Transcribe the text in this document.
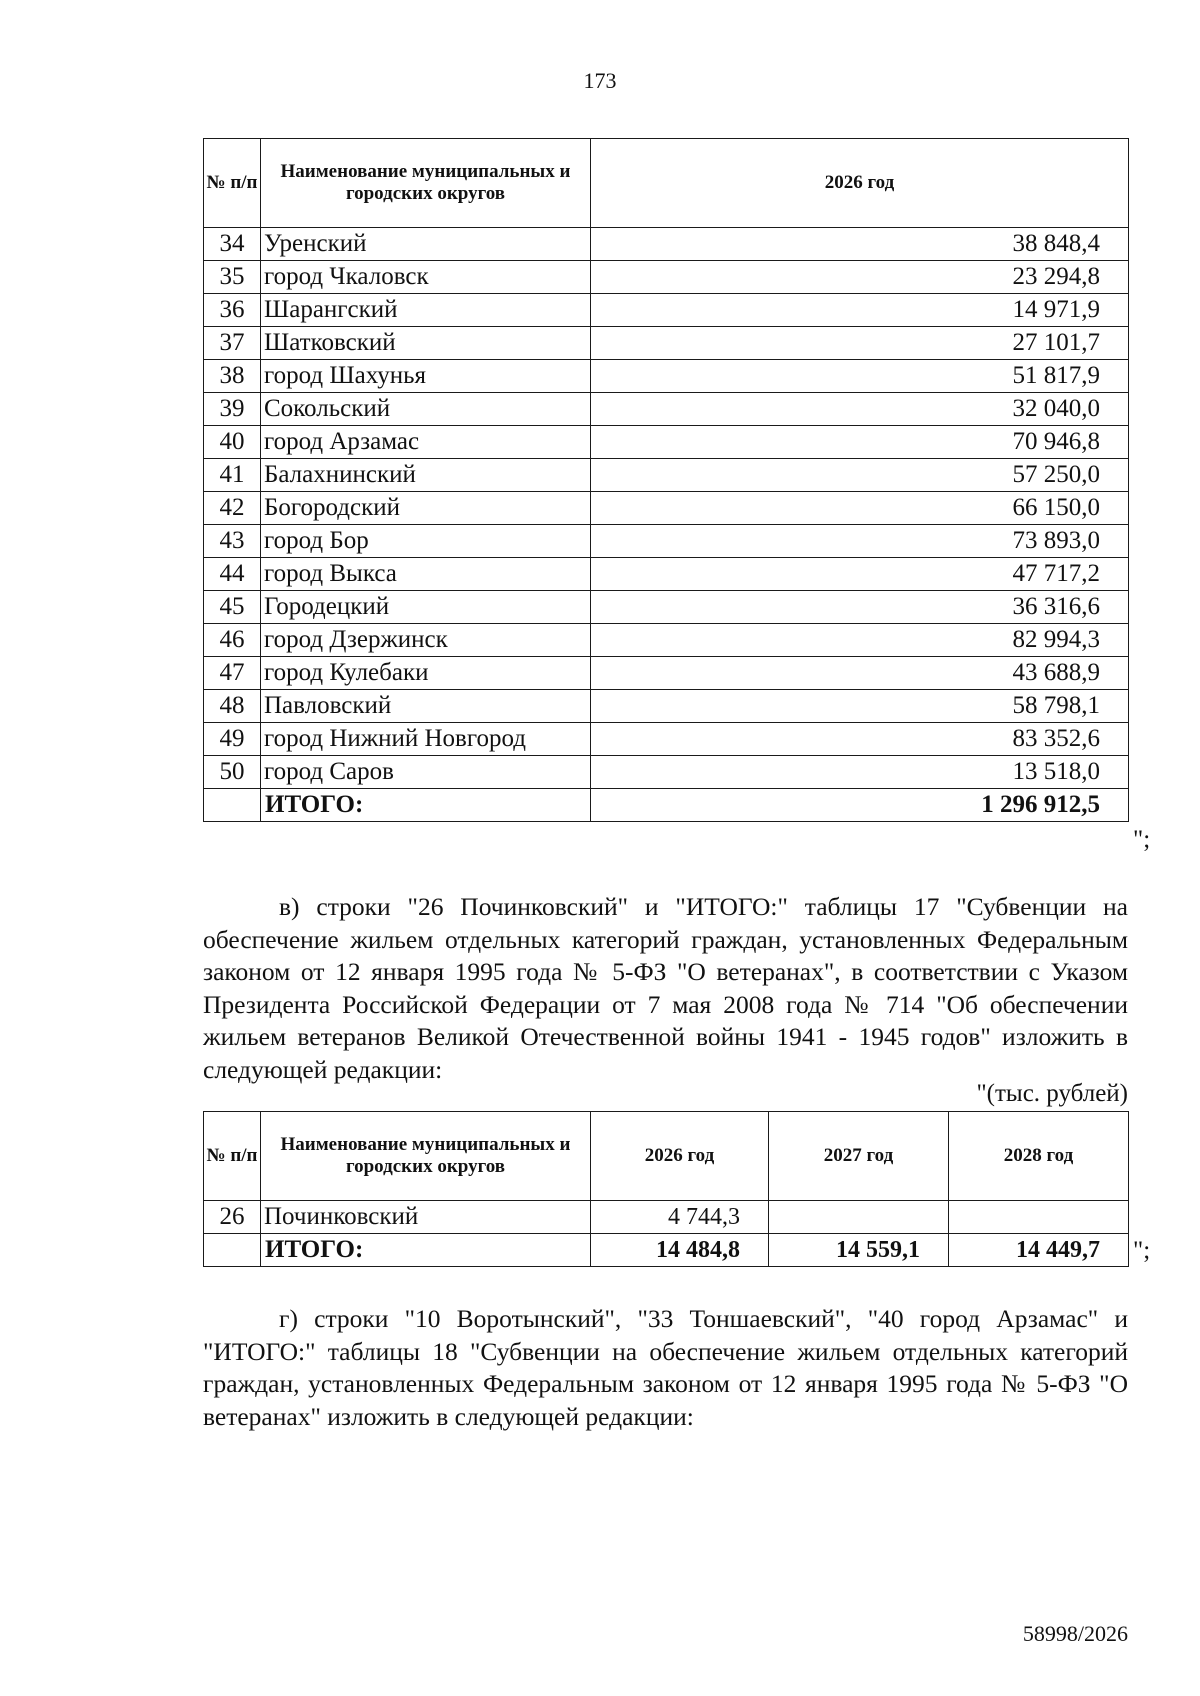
173
№ п/п	Наименование муниципальных и городских округов	2026 год
34	Уренский	38 848,4
35	город Чкаловск	23 294,8
36	Шарангский	14 971,9
37	Шатковский	27 101,7
38	город Шахунья	51 817,9
39	Сокольский	32 040,0
40	город Арзамас	70 946,8
41	Балахнинский	57 250,0
42	Богородский	66 150,0
43	город Бор	73 893,0
44	город Выкса	47 717,2
45	Городецкий	36 316,6
46	город Дзержинск	82 994,3
47	город Кулебаки	43 688,9
48	Павловский	58 798,1
49	город Нижний Новгород	83 352,6
50	город Саров	13 518,0
	ИТОГО:	1 296 912,5
";
в) строки "26 Починковский" и "ИТОГО:" таблицы 17 "Субвенции на обеспечение жильем отдельных категорий граждан, установленных Федеральным законом от 12 января 1995 года № 5-ФЗ "О ветеранах", в соответствии с Указом Президента Российской Федерации от 7 мая 2008 года № 714 "Об обеспечении жильем ветеранов Великой Отечественной войны 1941 - 1945 годов" изложить в следующей редакции:
"(тыс. рублей)
№ п/п	Наименование муниципальных и городских округов	2026 год	2027 год	2028 год
26	Починковский	4 744,3		
	ИТОГО:	14 484,8	14 559,1	14 449,7 ";
г) строки "10 Воротынский", "33 Тоншаевский", "40 город Арзамас" и "ИТОГО:" таблицы 18 "Субвенции на обеспечение жильем отдельных категорий граждан, установленных Федеральным законом от 12 января 1995 года № 5-ФЗ "О ветеранах" изложить в следующей редакции:
58998/2026
